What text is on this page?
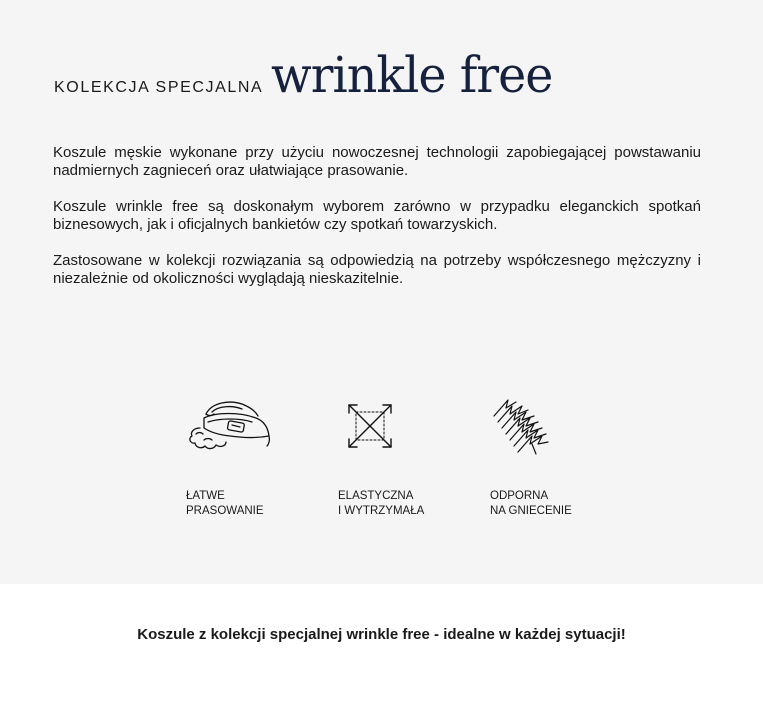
KOLEKCJA SPECJALNA wrinkle free

Koszule męskie wykonane przy użyciu nowoczesnej technologii zapobiegającej powstawaniu nadmiernych zagnieceń oraz ułatwiające prasowanie.

Koszule wrinkle free są doskonałym wyborem zarówno w przypadku eleganckich spotkań biznesowych, jak i oficjalnych bankietów czy spotkań towarzyskich.

Zastosowane w kolekcji rozwiązania są odpowiedzią na potrzeby współczesnego mężczyzny i niezależnie od okoliczności wyglądają nieskazitelnie.

ŁATWE
PRASOWANIE
ELASTYCZNA
I WYTRZYMAŁA
ODPORNA
NA GNIECENIE
Koszule z kolekcji specjalnej wrinkle free - idealne w każdej sytuacji!
